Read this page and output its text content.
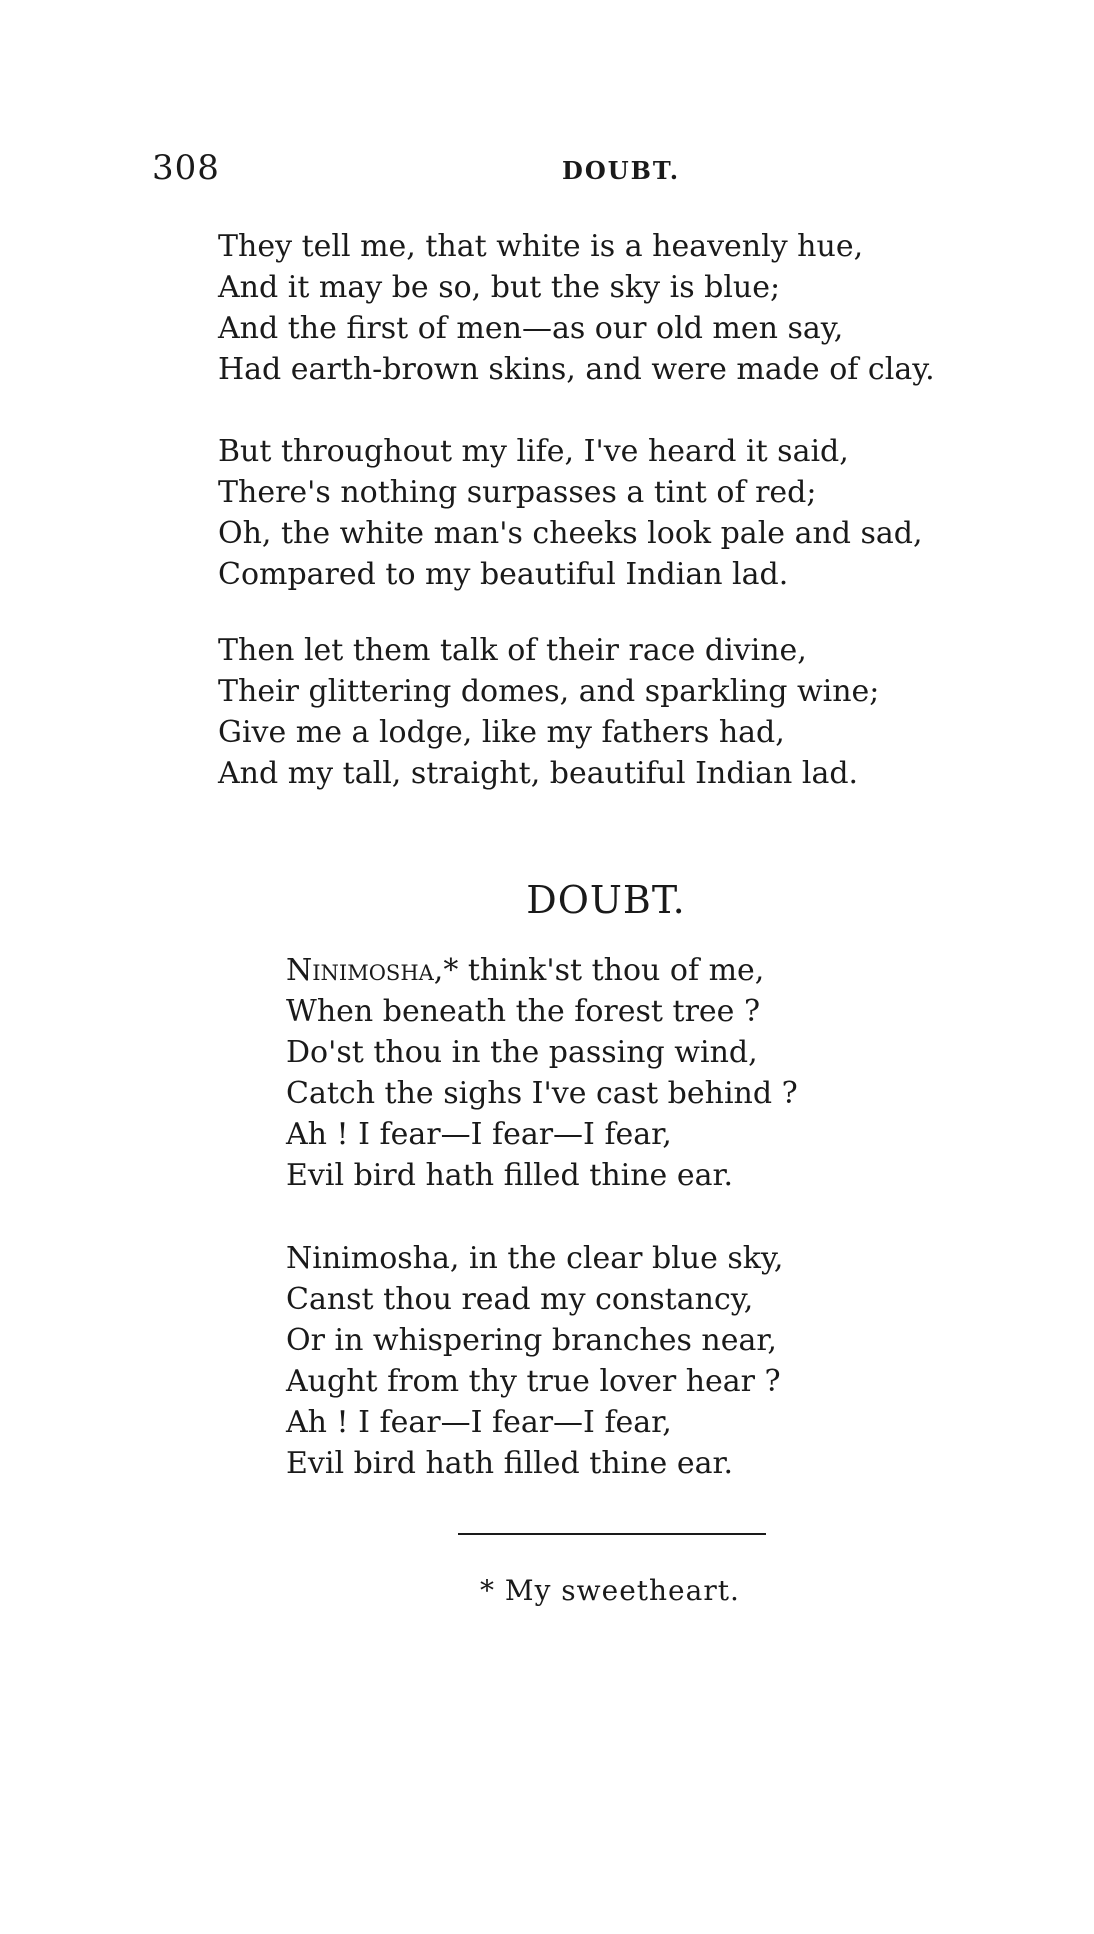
308	DOUBT.
They tell me, that white is a heavenly hue,
And it may be so, but the sky is blue;
And the first of men—as our old men say,
Had earth-brown skins, and were made of clay.
But throughout my life, I've heard it said,
There's nothing surpasses a tint of red;
Oh, the white man's cheeks look pale and sad,
Compared to my beautiful Indian lad.
Then let them talk of their race divine,
Their glittering domes, and sparkling wine;
Give me a lodge, like my fathers had,
And my tall, straight, beautiful Indian lad.
DOUBT.
Ninimosha,* think'st thou of me,
When beneath the forest tree ?
Do'st thou in the passing wind,
Catch the sighs I've cast behind ?
Ah ! I fear—I fear—I fear,
Evil bird hath filled thine ear.
Ninimosha, in the clear blue sky,
Canst thou read my constancy,
Or in whispering branches near,
Aught from thy true lover hear ?
Ah ! I fear—I fear—I fear,
Evil bird hath filled thine ear.
* My sweetheart.
